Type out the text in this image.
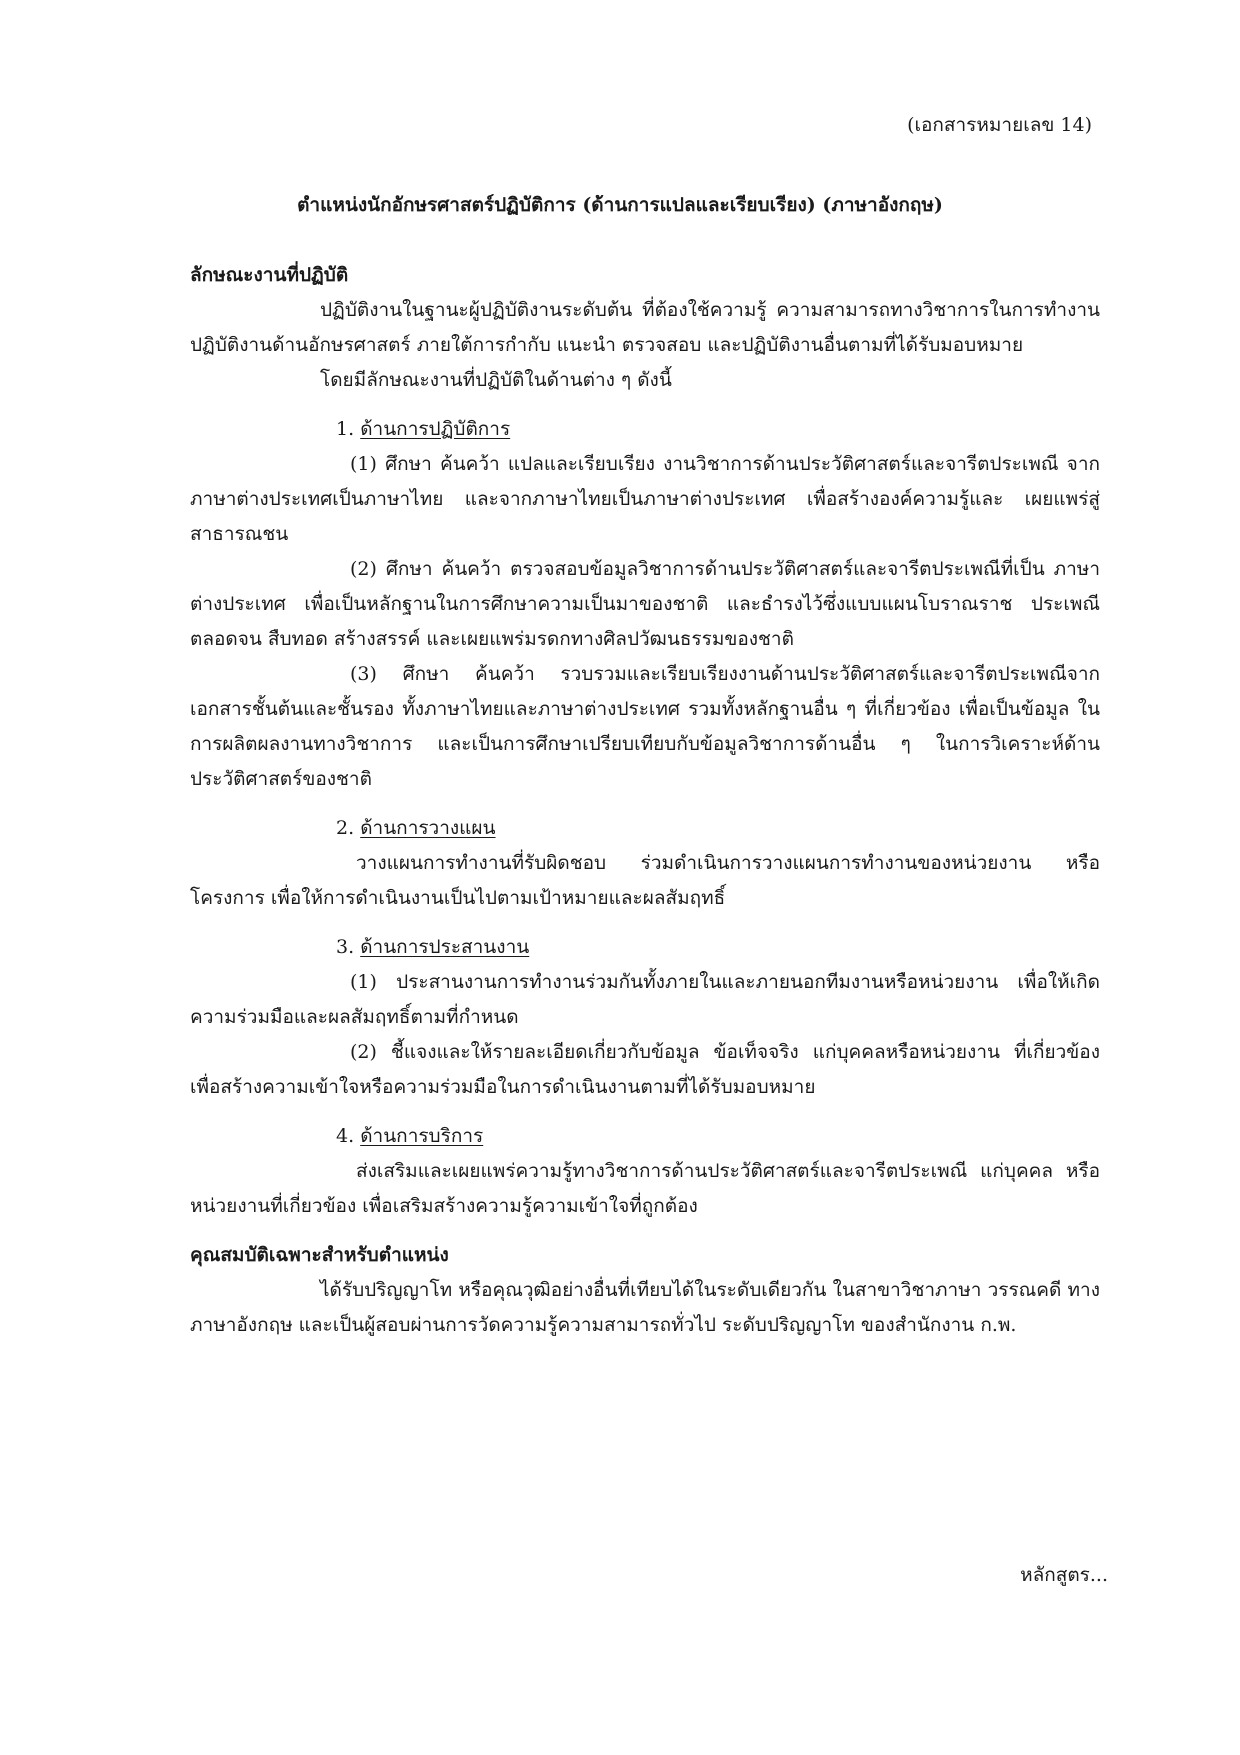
(เอกสารหมายเลข 14)
ตำแหน่งนักอักษรศาสตร์ปฏิบัติการ (ด้านการแปลและเรียบเรียง) (ภาษาอังกฤษ)

ลักษณะงานที่ปฏิบัติ

ปฏิบัติงานในฐานะผู้ปฏิบัติงานระดับต้น ที่ต้องใช้ความรู้ ความสามารถทางวิชาการในการทำงาน ปฏิบัติงานด้านอักษรศาสตร์ ภายใต้การกำกับ แนะนำ ตรวจสอบ และปฏิบัติงานอื่นตามที่ได้รับมอบหมาย

โดยมีลักษณะงานที่ปฏิบัติในด้านต่าง ๆ ดังนี้

1. ด้านการปฏิบัติการ

(1) ศึกษา ค้นคว้า แปลและเรียบเรียง งานวิชาการด้านประวัติศาสตร์และจารีตประเพณี จากภาษาต่างประเทศเป็นภาษาไทย และจากภาษาไทยเป็นภาษาต่างประเทศ เพื่อสร้างองค์ความรู้และ เผยแพร่สู่สาธารณชน

(2) ศึกษา ค้นคว้า ตรวจสอบข้อมูลวิชาการด้านประวัติศาสตร์และจารีตประเพณีที่เป็น ภาษาต่างประเทศ เพื่อเป็นหลักฐานในการศึกษาความเป็นมาของชาติ และธำรงไว้ซึ่งแบบแผนโบราณราช ประเพณีตลอดจน สืบทอด สร้างสรรค์ และเผยแพร่มรดกทางศิลปวัฒนธรรมของชาติ

(3) ศึกษา ค้นคว้า รวบรวมและเรียบเรียงงานด้านประวัติศาสตร์และจารีตประเพณีจาก เอกสารชั้นต้นและชั้นรอง ทั้งภาษาไทยและภาษาต่างประเทศ รวมทั้งหลักฐานอื่น ๆ ที่เกี่ยวข้อง เพื่อเป็นข้อมูล ในการผลิตผลงานทางวิชาการ และเป็นการศึกษาเปรียบเทียบกับข้อมูลวิชาการด้านอื่น ๆ ในการวิเคราะห์ด้าน ประวัติศาสตร์ของชาติ

2. ด้านการวางแผน

วางแผนการทำงานที่รับผิดชอบ ร่วมดำเนินการวางแผนการทำงานของหน่วยงาน หรือโครงการ เพื่อให้การดำเนินงานเป็นไปตามเป้าหมายและผลสัมฤทธิ์

3. ด้านการประสานงาน

(1) ประสานงานการทำงานร่วมกันทั้งภายในและภายนอกทีมงานหรือหน่วยงาน เพื่อให้เกิด ความร่วมมือและผลสัมฤทธิ์ตามที่กำหนด

(2) ชี้แจงและให้รายละเอียดเกี่ยวกับข้อมูล ข้อเท็จจริง แก่บุคคลหรือหน่วยงาน ที่เกี่ยวข้อง เพื่อสร้างความเข้าใจหรือความร่วมมือในการดำเนินงานตามที่ได้รับมอบหมาย

4. ด้านการบริการ

ส่งเสริมและเผยแพร่ความรู้ทางวิชาการด้านประวัติศาสตร์และจารีตประเพณี แก่บุคคล หรือหน่วยงานที่เกี่ยวข้อง เพื่อเสริมสร้างความรู้ความเข้าใจที่ถูกต้อง

คุณสมบัติเฉพาะสำหรับตำแหน่ง

ได้รับปริญญาโท หรือคุณวุฒิอย่างอื่นที่เทียบได้ในระดับเดียวกัน ในสาขาวิชาภาษา วรรณคดี ทางภาษาอังกฤษ และเป็นผู้สอบผ่านการวัดความรู้ความสามารถทั่วไป ระดับปริญญาโท ของสำนักงาน ก.พ.

หลักสูตร...
